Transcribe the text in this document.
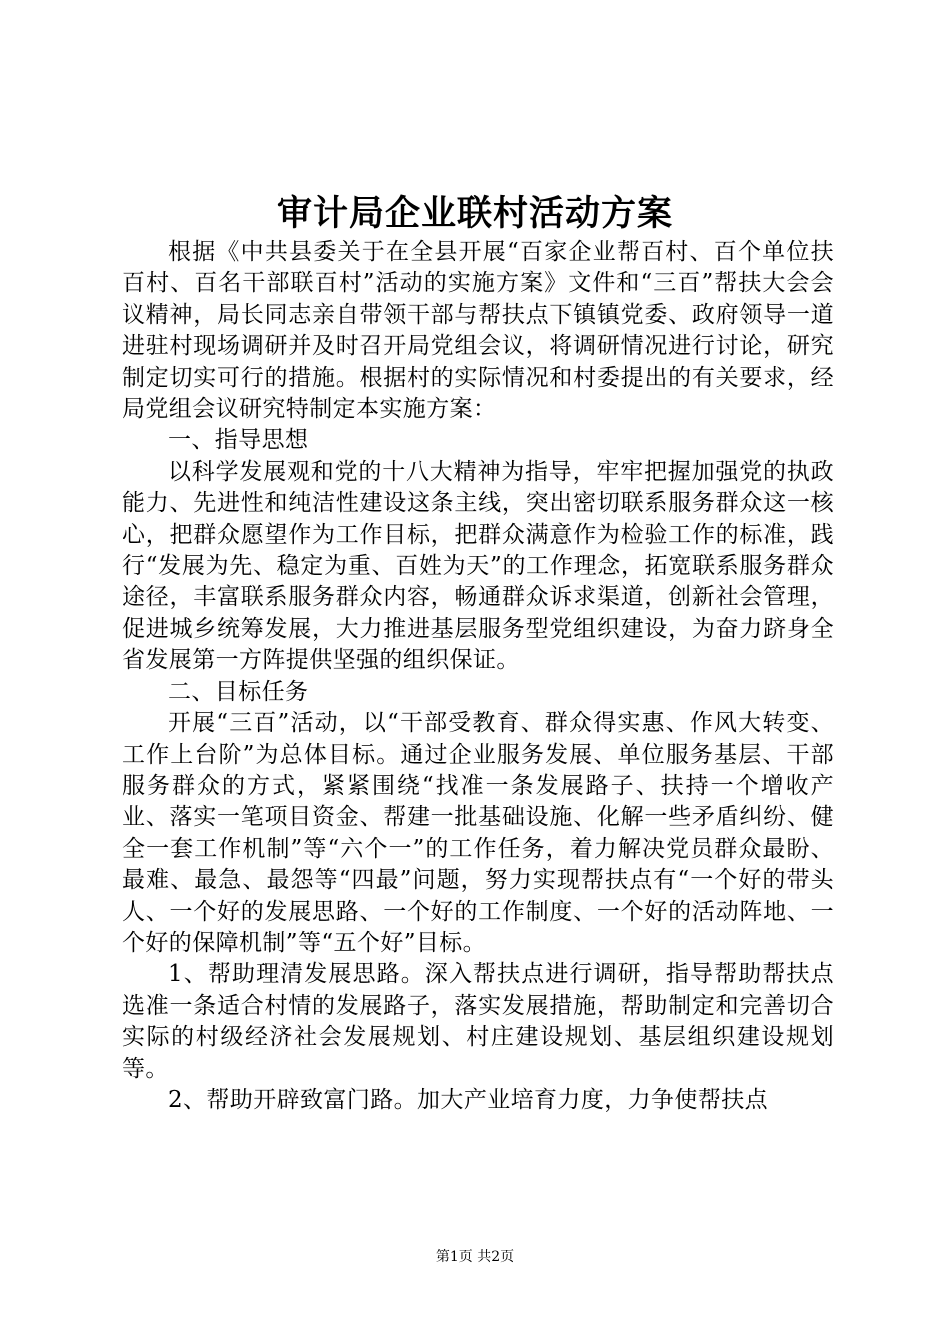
审计局企业联村活动方案

根据《中共县委关于在全县开展“百家企业帮百村、百个单位扶百村、百名干部联百村”活动的实施方案》文件和“三百”帮扶大会会议精神，局长同志亲自带领干部与帮扶点下镇镇党委、政府领导一道进驻村现场调研并及时召开局党组会议，将调研情况进行讨论，研究制定切实可行的措施。根据村的实际情况和村委提出的有关要求，经局党组会议研究特制定本实施方案：

一、指导思想

以科学发展观和党的十八大精神为指导，牢牢把握加强党的执政能力、先进性和纯洁性建设这条主线，突出密切联系服务群众这一核心，把群众愿望作为工作目标，把群众满意作为检验工作的标准，践行“发展为先、稳定为重、百姓为天”的工作理念，拓宽联系服务群众途径，丰富联系服务群众内容，畅通群众诉求渠道，创新社会管理，促进城乡统筹发展，大力推进基层服务型党组织建设，为奋力跻身全省发展第一方阵提供坚强的组织保证。

二、目标任务

开展“三百”活动，以“干部受教育、群众得实惠、作风大转变、工作上台阶”为总体目标。通过企业服务发展、单位服务基层、干部服务群众的方式，紧紧围绕“找准一条发展路子、扶持一个增收产业、落实一笔项目资金、帮建一批基础设施、化解一些矛盾纠纷、健全一套工作机制”等“六个一”的工作任务，着力解决党员群众最盼、最难、最急、最怨等“四最”问题，努力实现帮扶点有“一个好的带头人、一个好的发展思路、一个好的工作制度、一个好的活动阵地、一个好的保障机制”等“五个好”目标。

1、帮助理清发展思路。深入帮扶点进行调研，指导帮助帮扶点选准一条适合村情的发展路子，落实发展措施，帮助制定和完善切合实际的村级经济社会发展规划、村庄建设规划、基层组织建设规划等。

2、帮助开辟致富门路。加大产业培育力度，力争使帮扶点

第1页 共2页
